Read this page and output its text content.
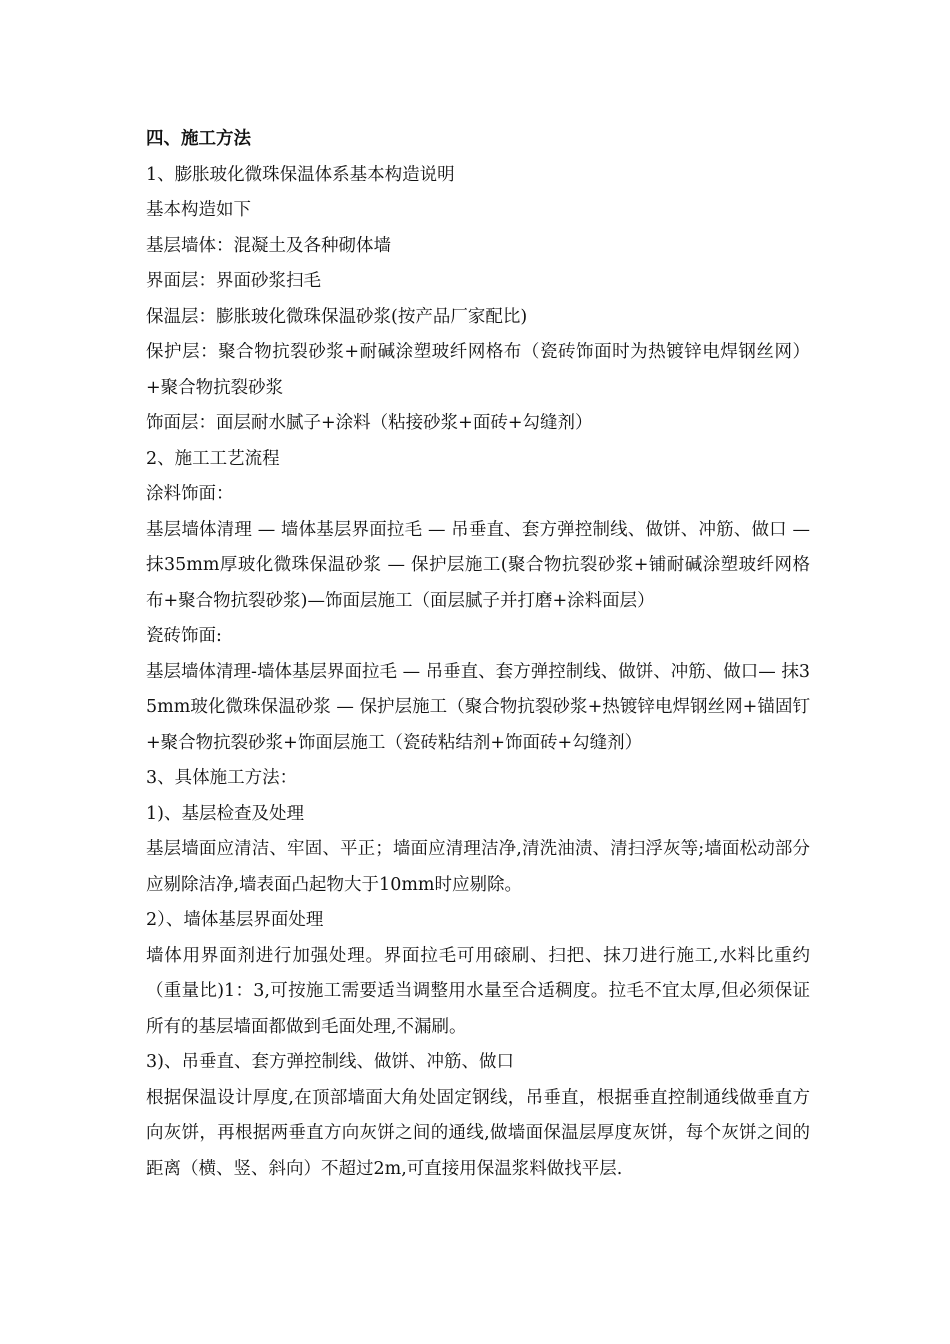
四、施工方法

1、膨胀玻化微珠保温体系基本构造说明

基本构造如下

基层墙体：混凝土及各种砌体墙

界面层：界面砂浆扫毛

保温层：膨胀玻化微珠保温砂浆(按产品厂家配比)

保护层：聚合物抗裂砂浆+耐碱涂塑玻纤网格布（瓷砖饰面时为热镀锌电焊钢丝网）+聚合物抗裂砂浆

饰面层：面层耐水腻子+涂料（粘接砂浆+面砖+勾缝剂）

2、施工工艺流程

涂料饰面：

基层墙体清理 — 墙体基层界面拉毛 — 吊垂直、套方弹控制线、做饼、冲筋、做口 — 抹35mm厚玻化微珠保温砂浆 — 保护层施工(聚合物抗裂砂浆+铺耐碱涂塑玻纤网格布+聚合物抗裂砂浆)—饰面层施工（面层腻子并打磨+涂料面层）

瓷砖饰面:

基层墙体清理-墙体基层界面拉毛 — 吊垂直、套方弹控制线、做饼、冲筋、做口— 抹35mm玻化微珠保温砂浆 — 保护层施工（聚合物抗裂砂浆+热镀锌电焊钢丝网+锚固钉+聚合物抗裂砂浆+饰面层施工（瓷砖粘结剂+饰面砖+勾缝剂）

3、具体施工方法：

1)、基层检查及处理

基层墙面应清洁、牢固、平正；墙面应清理洁净,清洗油渍、清扫浮灰等;墙面松动部分应剔除洁净,墙表面凸起物大于10mm时应剔除。

2）、墙体基层界面处理

墙体用界面剂进行加强处理。界面拉毛可用磙刷、扫把、抹刀进行施工,水料比重约（重量比)1：3,可按施工需要适当调整用水量至合适稠度。拉毛不宜太厚,但必须保证所有的基层墙面都做到毛面处理,不漏刷。

3)、吊垂直、套方弹控制线、做饼、冲筋、做口

根据保温设计厚度,在顶部墙面大角处固定钢线，吊垂直，根据垂直控制通线做垂直方向灰饼，再根据两垂直方向灰饼之间的通线,做墙面保温层厚度灰饼，每个灰饼之间的距离（横、竖、斜向）不超过2m,可直接用保温浆料做找平层.
